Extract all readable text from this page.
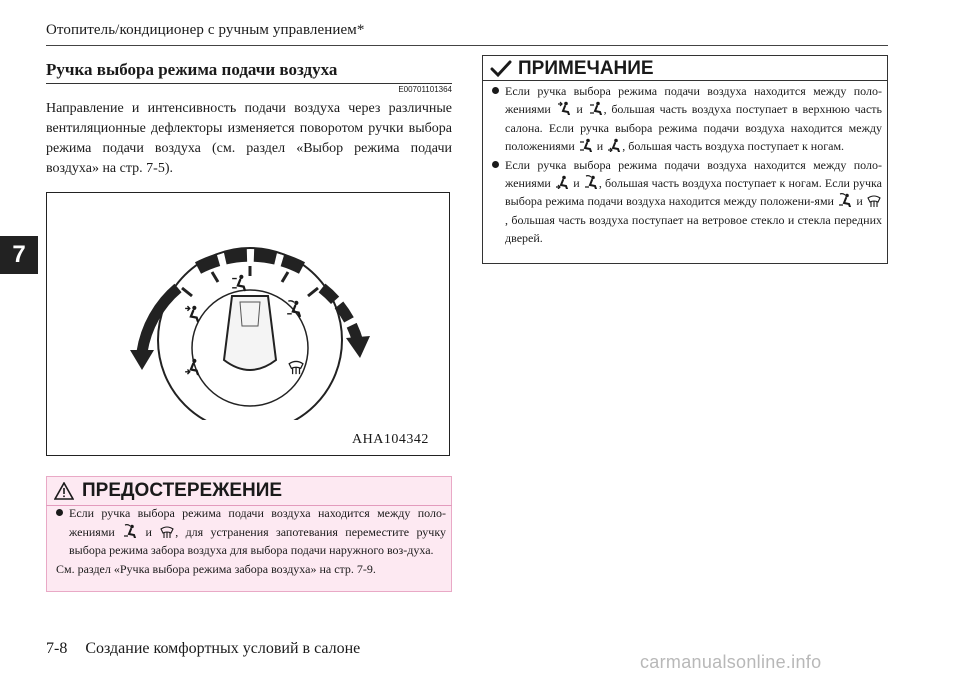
Отопитель/кондиционер с ручным управлением*
7
Ручка выбора режима подачи воздуха
E00701101364
Направление и интенсивность подачи воздуха через различные вентиляционные дефлекторы изменяется поворотом ручки выбора режима подачи воздуха (см. раздел «Выбор режима подачи воздуха» на стр. 7-5).
AHA104342
ПРЕДОСТЕРЕЖЕНИЕ
Если ручка выбора режима подачи воздуха находится между поло-жениями	и , для устранения запотевания переместите ручку выбора режима забора воздуха для выбора подачи наружного воз-духа.
См. раздел «Ручка выбора режима забора воздуха» на стр. 7-9.
ПРИМЕЧАНИЕ
Если ручка выбора режима подачи воздуха находится между поло-жениями и , большая часть воздуха поступает в верхнюю часть салона. Если ручка выбора режима подачи воздуха находится между положениями и , большая часть воздуха поступает к ногам.
Если ручка выбора режима подачи воздуха находится между поло-жениями и , большая часть воздуха поступает к ногам. Если ручка выбора режима подачи воздуха находится между положени-ями и , большая часть воздуха поступает на ветровое стекло и стекла передних дверей.
7-8 Создание комфортных условий в салоне
carmanualsonline.info
